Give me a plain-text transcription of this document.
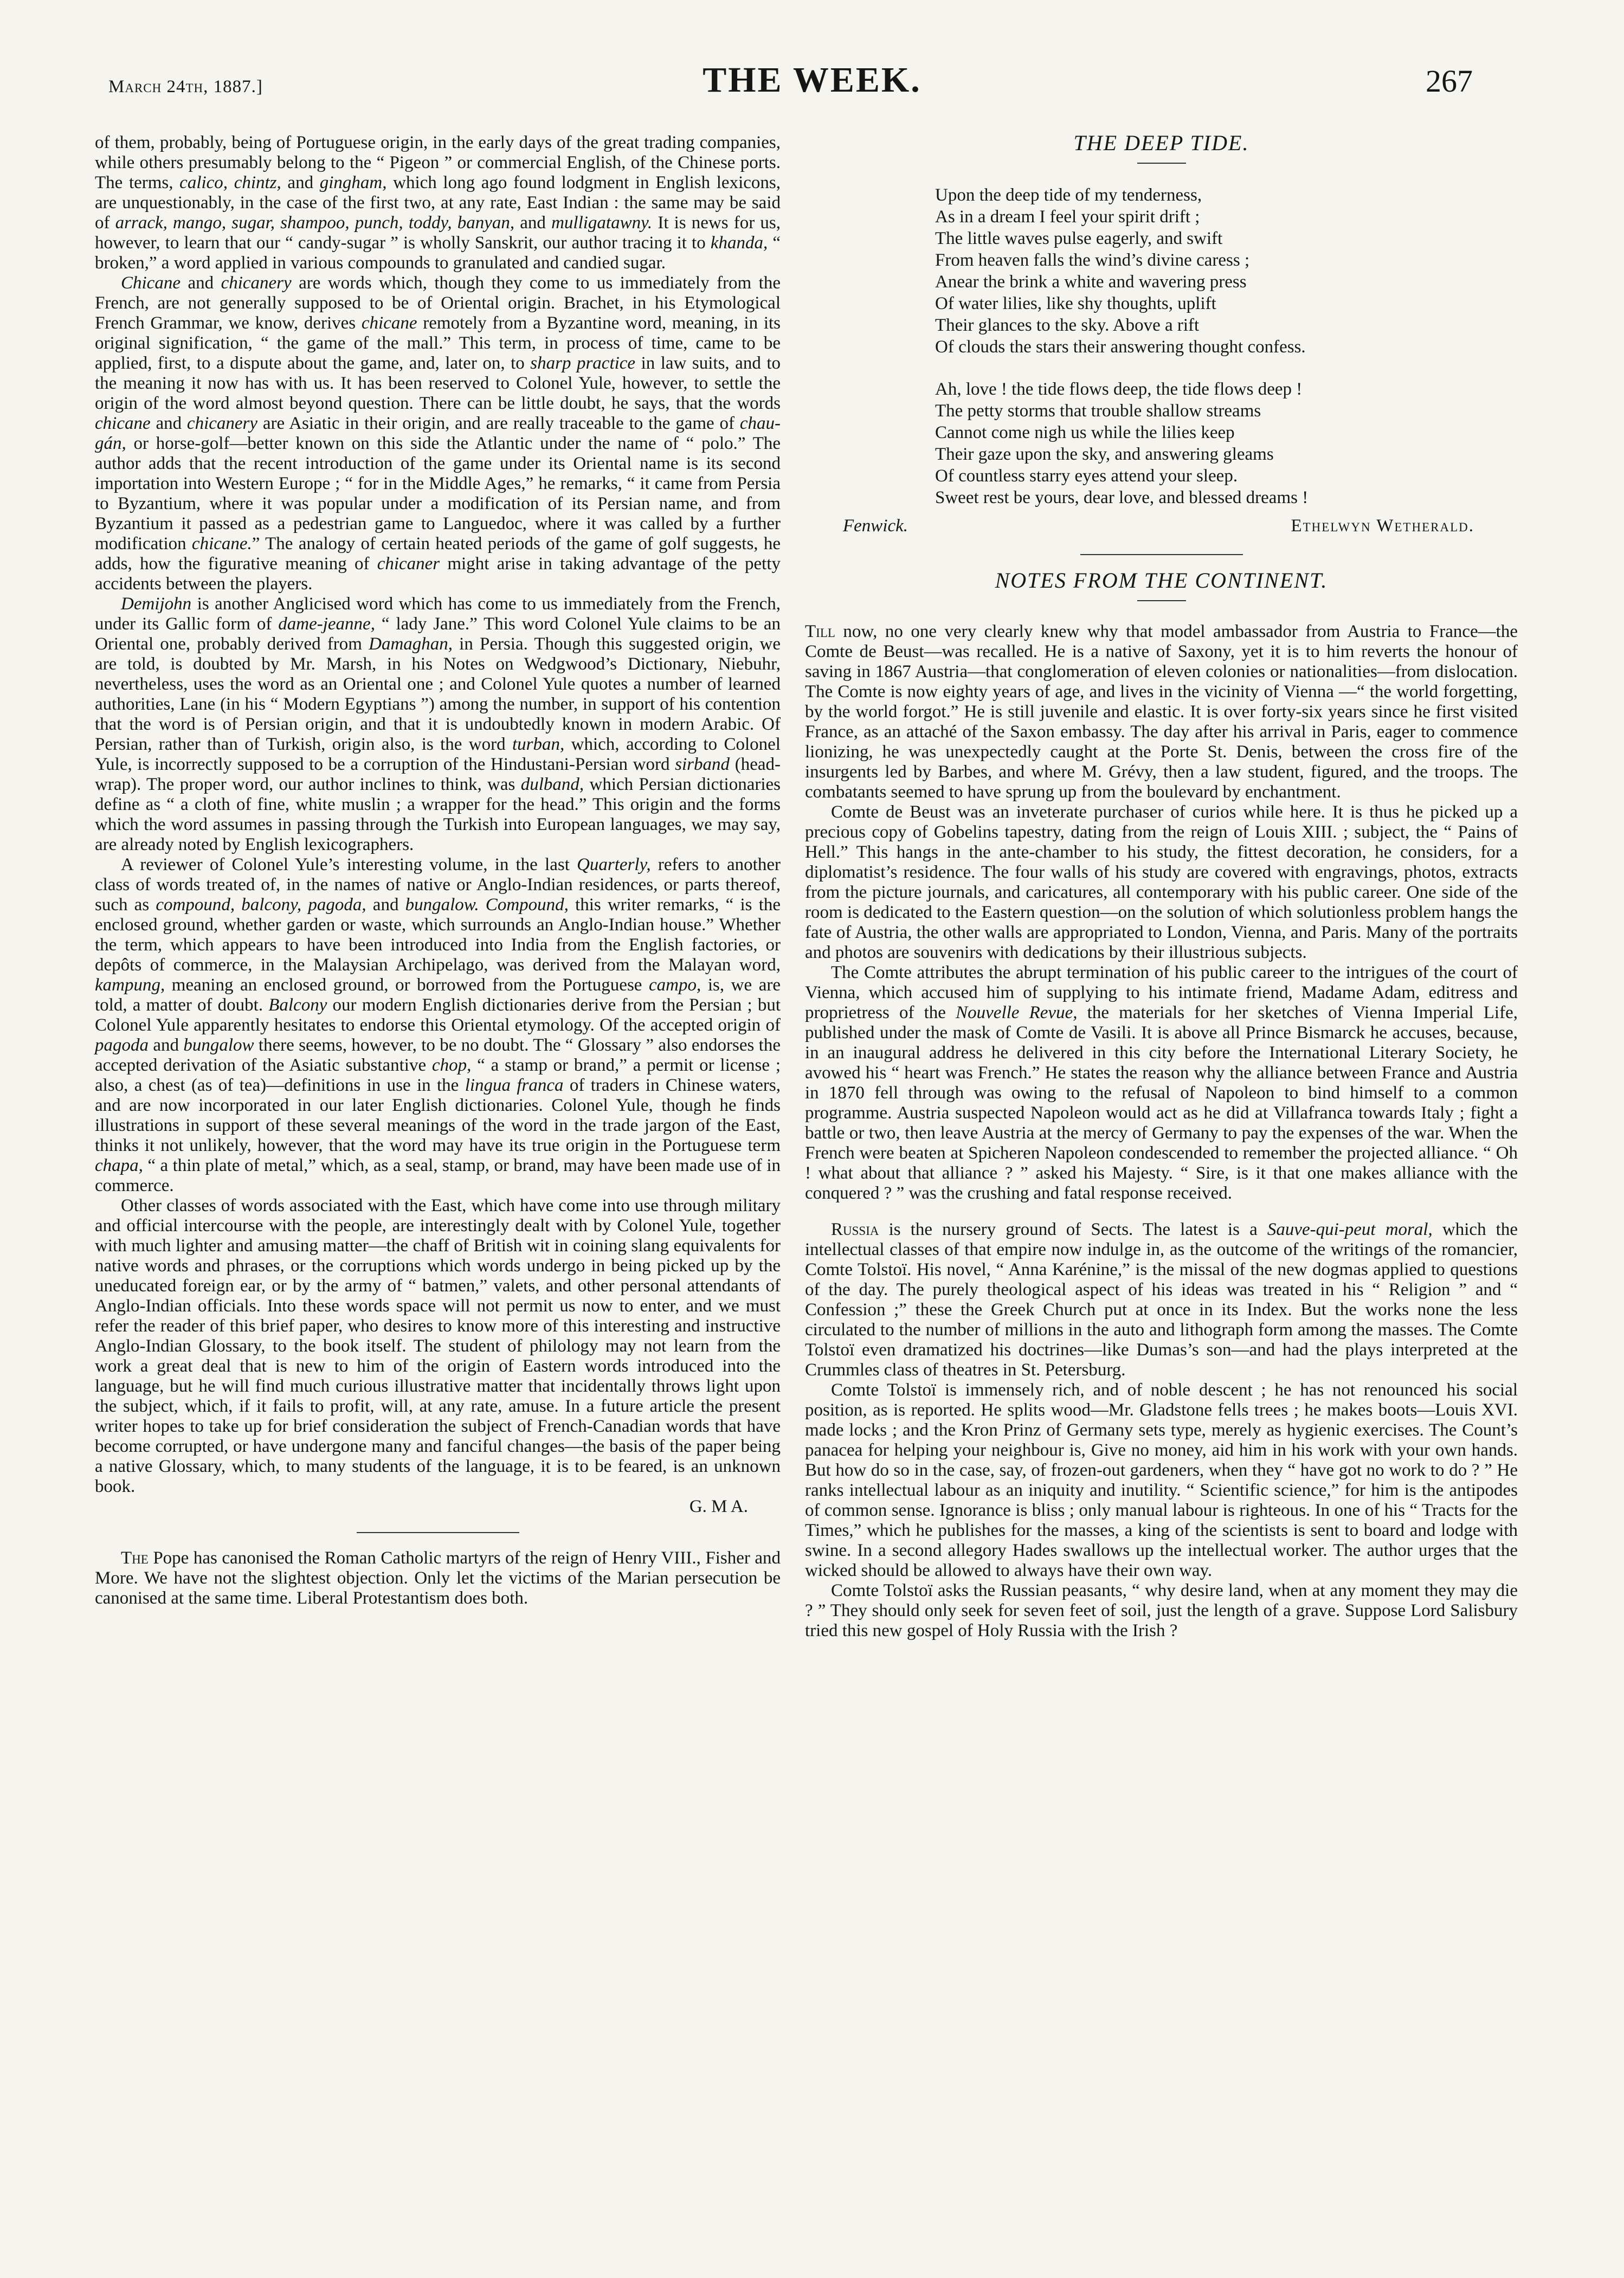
March 24th, 1887.]	THE WEEK.	267

of them, probably, being of Portuguese origin, in the early days of the great trading companies, while others presumably belong to the “ Pigeon ” or commercial English, of the Chinese ports. The terms, calico, chintz, and gingham, which long ago found lodgment in English lexicons, are unquestionably, in the case of the first two, at any rate, East Indian : the same may be said of arrack, mango, sugar, shampoo, punch, toddy, banyan, and mulligatawny. It is news for us, however, to learn that our “ candy-sugar ” is wholly Sanskrit, our author tracing it to khanda, “ broken,” a word applied in various compounds to granulated and candied sugar.

Chicane and chicanery are words which, though they come to us immediately from the French, are not generally supposed to be of Oriental origin. Brachet, in his Etymological French Grammar, we know, derives chicane remotely from a Byzantine word, meaning, in its original signification, “ the game of the mall.” This term, in process of time, came to be applied, first, to a dispute about the game, and, later on, to sharp practice in law suits, and to the meaning it now has with us. It has been reserved to Colonel Yule, however, to settle the origin of the word almost beyond question. There can be little doubt, he says, that the words chicane and chicanery are Asiatic in their origin, and are really traceable to the game of chau-gán, or horse-golf—better known on this side the Atlantic under the name of “ polo.” The author adds that the recent introduction of the game under its Oriental name is its second importation into Western Europe ; “ for in the Middle Ages,” he remarks, “ it came from Persia to Byzantium, where it was popular under a modification of its Persian name, and from Byzantium it passed as a pedestrian game to Languedoc, where it was called by a further modification chicane.” The analogy of certain heated periods of the game of golf suggests, he adds, how the figurative meaning of chicaner might arise in taking advantage of the petty accidents between the players.

Demijohn is another Anglicised word which has come to us immediately from the French, under its Gallic form of dame-jeanne, “ lady Jane.” This word Colonel Yule claims to be an Oriental one, probably derived from Damaghan, in Persia. Though this suggested origin, we are told, is doubted by Mr. Marsh, in his Notes on Wedgwood’s Dictionary, Niebuhr, nevertheless, uses the word as an Oriental one ; and Colonel Yule quotes a number of learned authorities, Lane (in his “ Modern Egyptians ”) among the number, in support of his contention that the word is of Persian origin, and that it is undoubtedly known in modern Arabic. Of Persian, rather than of Turkish, origin also, is the word turban, which, according to Colonel Yule, is incorrectly supposed to be a corruption of the Hindustani-Persian word sirband (head-wrap). The proper word, our author inclines to think, was dulband, which Persian dictionaries define as “ a cloth of fine, white muslin ; a wrapper for the head.” This origin and the forms which the word assumes in passing through the Turkish into European languages, we may say, are already noted by English lexicographers.

A reviewer of Colonel Yule’s interesting volume, in the last Quarterly, refers to another class of words treated of, in the names of native or Anglo-Indian residences, or parts thereof, such as compound, balcony, pagoda, and bungalow. Compound, this writer remarks, “ is the enclosed ground, whether garden or waste, which surrounds an Anglo-Indian house.” Whether the term, which appears to have been introduced into India from the English factories, or depôts of commerce, in the Malaysian Archipelago, was derived from the Malayan word, kampung, meaning an enclosed ground, or borrowed from the Portuguese campo, is, we are told, a matter of doubt. Balcony our modern English dictionaries derive from the Persian ; but Colonel Yule apparently hesitates to endorse this Oriental etymology. Of the accepted origin of pagoda and bungalow there seems, however, to be no doubt. The “ Glossary ” also endorses the accepted derivation of the Asiatic substantive chop, “ a stamp or brand,” a permit or license ; also, a chest (as of tea)—definitions in use in the lingua franca of traders in Chinese waters, and are now incorporated in our later English dictionaries. Colonel Yule, though he finds illustrations in support of these several meanings of the word in the trade jargon of the East, thinks it not unlikely, however, that the word may have its true origin in the Portuguese term chapa, “ a thin plate of metal,” which, as a seal, stamp, or brand, may have been made use of in commerce.

Other classes of words associated with the East, which have come into use through military and official intercourse with the people, are interestingly dealt with by Colonel Yule, together with much lighter and amusing matter—the chaff of British wit in coining slang equivalents for native words and phrases, or the corruptions which words undergo in being picked up by the uneducated foreign ear, or by the army of “ batmen,” valets, and other personal attendants of Anglo-Indian officials. Into these words space will not permit us now to enter, and we must refer the reader of this brief paper, who desires to know more of this interesting and instructive Anglo-Indian Glossary, to the book itself. The student of philology may not learn from the work a great deal that is new to him of the origin of Eastern words introduced into the language, but he will find much curious illustrative matter that incidentally throws light upon the subject, which, if it fails to profit, will, at any rate, amuse. In a future article the present writer hopes to take up for brief consideration the subject of French-Canadian words that have become corrupted, or have undergone many and fanciful changes—the basis of the paper being a native Glossary, which, to many students of the language, it is to be feared, is an unknown book.

G. M A.

The Pope has canonised the Roman Catholic martyrs of the reign of Henry VIII., Fisher and More. We have not the slightest objection. Only let the victims of the Marian persecution be canonised at the same time. Liberal Protestantism does both.

THE DEEP TIDE.
Upon the deep tide of my tenderness,
As in a dream I feel your spirit drift ;
The little waves pulse eagerly, and swift
From heaven falls the wind’s divine caress ;
Anear the brink a white and wavering press
Of water lilies, like shy thoughts, uplift
Their glances to the sky. Above a rift
Of clouds the stars their answering thought confess.
Ah, love ! the tide flows deep, the tide flows deep !
The petty storms that trouble shallow streams
Cannot come nigh us while the lilies keep
Their gaze upon the sky, and answering gleams
Of countless starry eyes attend your sleep.
Sweet rest be yours, dear love, and blessed dreams !
Fenwick.	Ethelwyn Wetherald.
NOTES FROM THE CONTINENT.

Till now, no one very clearly knew why that model ambassador from Austria to France—the Comte de Beust—was recalled. He is a native of Saxony, yet it is to him reverts the honour of saving in 1867 Austria—that conglomeration of eleven colonies or nationalities—from dislocation. The Comte is now eighty years of age, and lives in the vicinity of Vienna —“ the world forgetting, by the world forgot.” He is still juvenile and elastic. It is over forty-six years since he first visited France, as an attaché of the Saxon embassy. The day after his arrival in Paris, eager to commence lionizing, he was unexpectedly caught at the Porte St. Denis, between the cross fire of the insurgents led by Barbes, and where M. Grévy, then a law student, figured, and the troops. The combatants seemed to have sprung up from the boulevard by enchantment.

Comte de Beust was an inveterate purchaser of curios while here. It is thus he picked up a precious copy of Gobelins tapestry, dating from the reign of Louis XIII. ; subject, the “ Pains of Hell.” This hangs in the ante-chamber to his study, the fittest decoration, he considers, for a diplomatist’s residence. The four walls of his study are covered with engravings, photos, extracts from the picture journals, and caricatures, all contemporary with his public career. One side of the room is dedicated to the Eastern question—on the solution of which solutionless problem hangs the fate of Austria, the other walls are appropriated to London, Vienna, and Paris. Many of the portraits and photos are souvenirs with dedications by their illustrious subjects.

The Comte attributes the abrupt termination of his public career to the intrigues of the court of Vienna, which accused him of supplying to his intimate friend, Madame Adam, editress and proprietress of the Nouvelle Revue, the materials for her sketches of Vienna Imperial Life, published under the mask of Comte de Vasili. It is above all Prince Bismarck he accuses, because, in an inaugural address he delivered in this city before the International Literary Society, he avowed his “ heart was French.” He states the reason why the alliance between France and Austria in 1870 fell through was owing to the refusal of Napoleon to bind himself to a common programme. Austria suspected Napoleon would act as he did at Villafranca towards Italy ; fight a battle or two, then leave Austria at the mercy of Germany to pay the expenses of the war. When the French were beaten at Spicheren Napoleon condescended to remember the projected alliance. “ Oh ! what about that alliance ? ” asked his Majesty. “ Sire, is it that one makes alliance with the conquered ? ” was the crushing and fatal response received.

Russia is the nursery ground of Sects. The latest is a Sauve-qui-peut moral, which the intellectual classes of that empire now indulge in, as the outcome of the writings of the romancier, Comte Tolstoï. His novel, “ Anna Karénine,” is the missal of the new dogmas applied to questions of the day. The purely theological aspect of his ideas was treated in his “ Religion ” and “ Confession ;” these the Greek Church put at once in its Index. But the works none the less circulated to the number of millions in the auto and lithograph form among the masses. The Comte Tolstoï even dramatized his doctrines—like Dumas’s son—and had the plays interpreted at the Crummles class of theatres in St. Petersburg.

Comte Tolstoï is immensely rich, and of noble descent ; he has not renounced his social position, as is reported. He splits wood—Mr. Gladstone fells trees ; he makes boots—Louis XVI. made locks ; and the Kron Prinz of Germany sets type, merely as hygienic exercises. The Count’s panacea for helping your neighbour is, Give no money, aid him in his work with your own hands. But how do so in the case, say, of frozen-out gardeners, when they “ have got no work to do ? ” He ranks intellectual labour as an iniquity and inutility. “ Scientific science,” for him is the antipodes of common sense. Ignorance is bliss ; only manual labour is righteous. In one of his “ Tracts for the Times,” which he publishes for the masses, a king of the scientists is sent to board and lodge with swine. In a second allegory Hades swallows up the intellectual worker. The author urges that the wicked should be allowed to always have their own way.

Comte Tolstoï asks the Russian peasants, “ why desire land, when at any moment they may die ? ” They should only seek for seven feet of soil, just the length of a grave. Suppose Lord Salisbury tried this new gospel of Holy Russia with the Irish ?
